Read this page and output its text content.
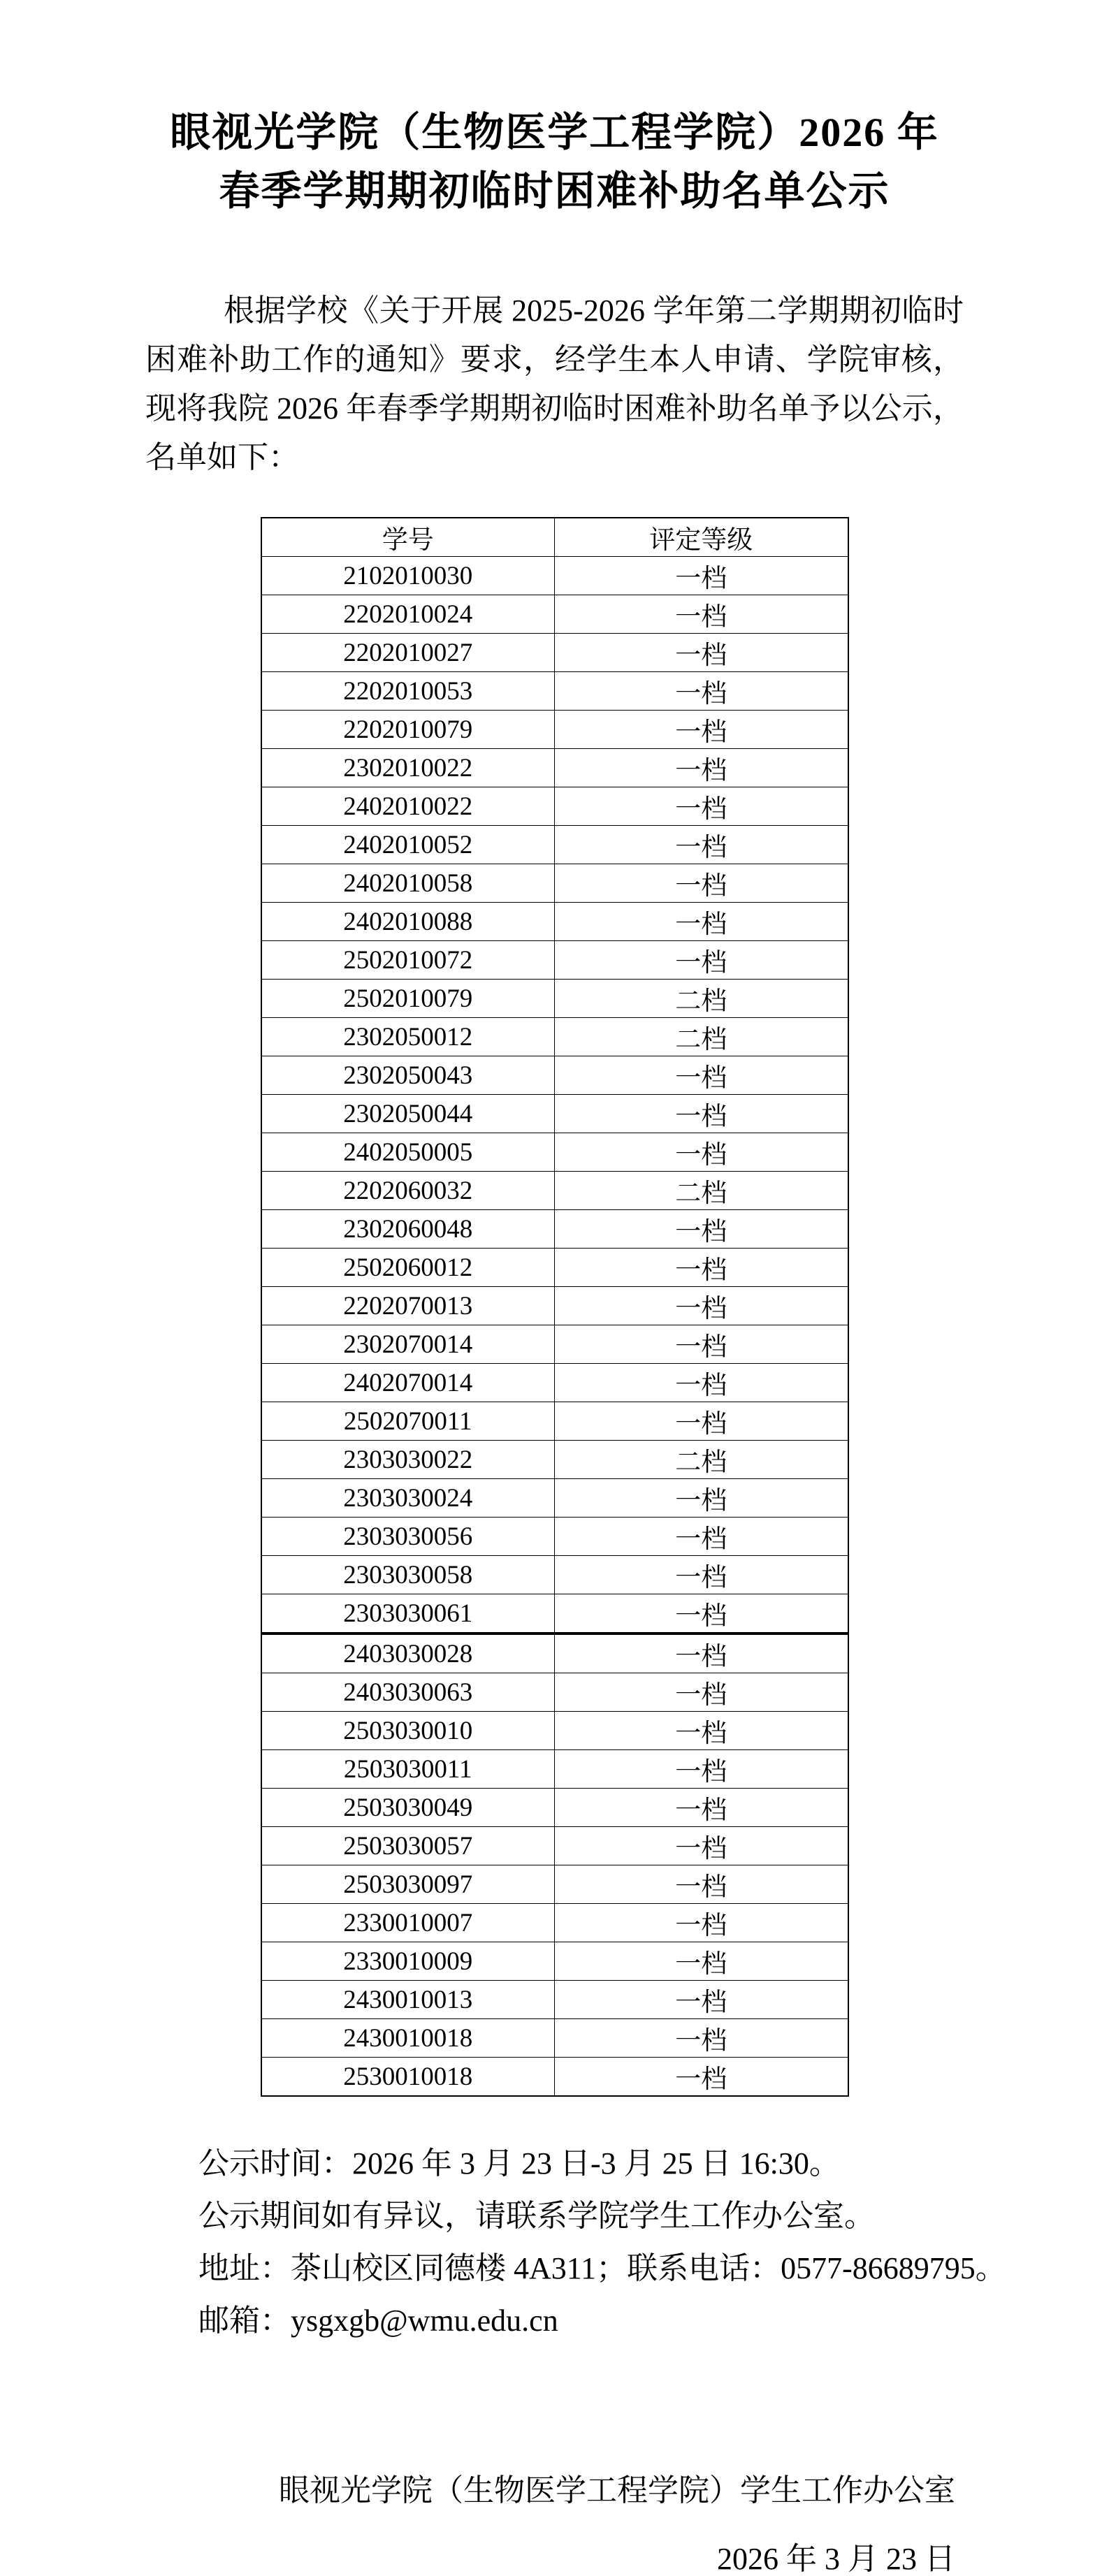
眼视光学院（生物医学工程学院）2026 年
春季学期期初临时困难补助名单公示

根据学校《关于开展 2025-2026 学年第二学期期初临时困难补助工作的通知》要求，经学生本人申请、学院审核，现将我院 2026 年春季学期期初临时困难补助名单予以公示，名单如下：

学号	评定等级
2102010030	一档
2202010024	一档
2202010027	一档
2202010053	一档
2202010079	一档
2302010022	一档
2402010022	一档
2402010052	一档
2402010058	一档
2402010088	一档
2502010072	一档
2502010079	二档
2302050012	二档
2302050043	一档
2302050044	一档
2402050005	一档
2202060032	二档
2302060048	一档
2502060012	一档
2202070013	一档
2302070014	一档
2402070014	一档
2502070011	一档
2303030022	二档
2303030024	一档
2303030056	一档
2303030058	一档
2303030061	一档
2403030028	一档
2403030063	一档
2503030010	一档
2503030011	一档
2503030049	一档
2503030057	一档
2503030097	一档
2330010007	一档
2330010009	一档
2430010013	一档
2430010018	一档
2530010018	一档

公示时间：2026 年 3 月 23 日-3 月 25 日 16:30。

公示期间如有异议，请联系学院学生工作办公室。

地址：茶山校区同德楼 4A311；联系电话：0577-86689795。

邮箱：ysgxgb@wmu.edu.cn

眼视光学院（生物医学工程学院）学生工作办公室
2026 年 3 月 23 日
